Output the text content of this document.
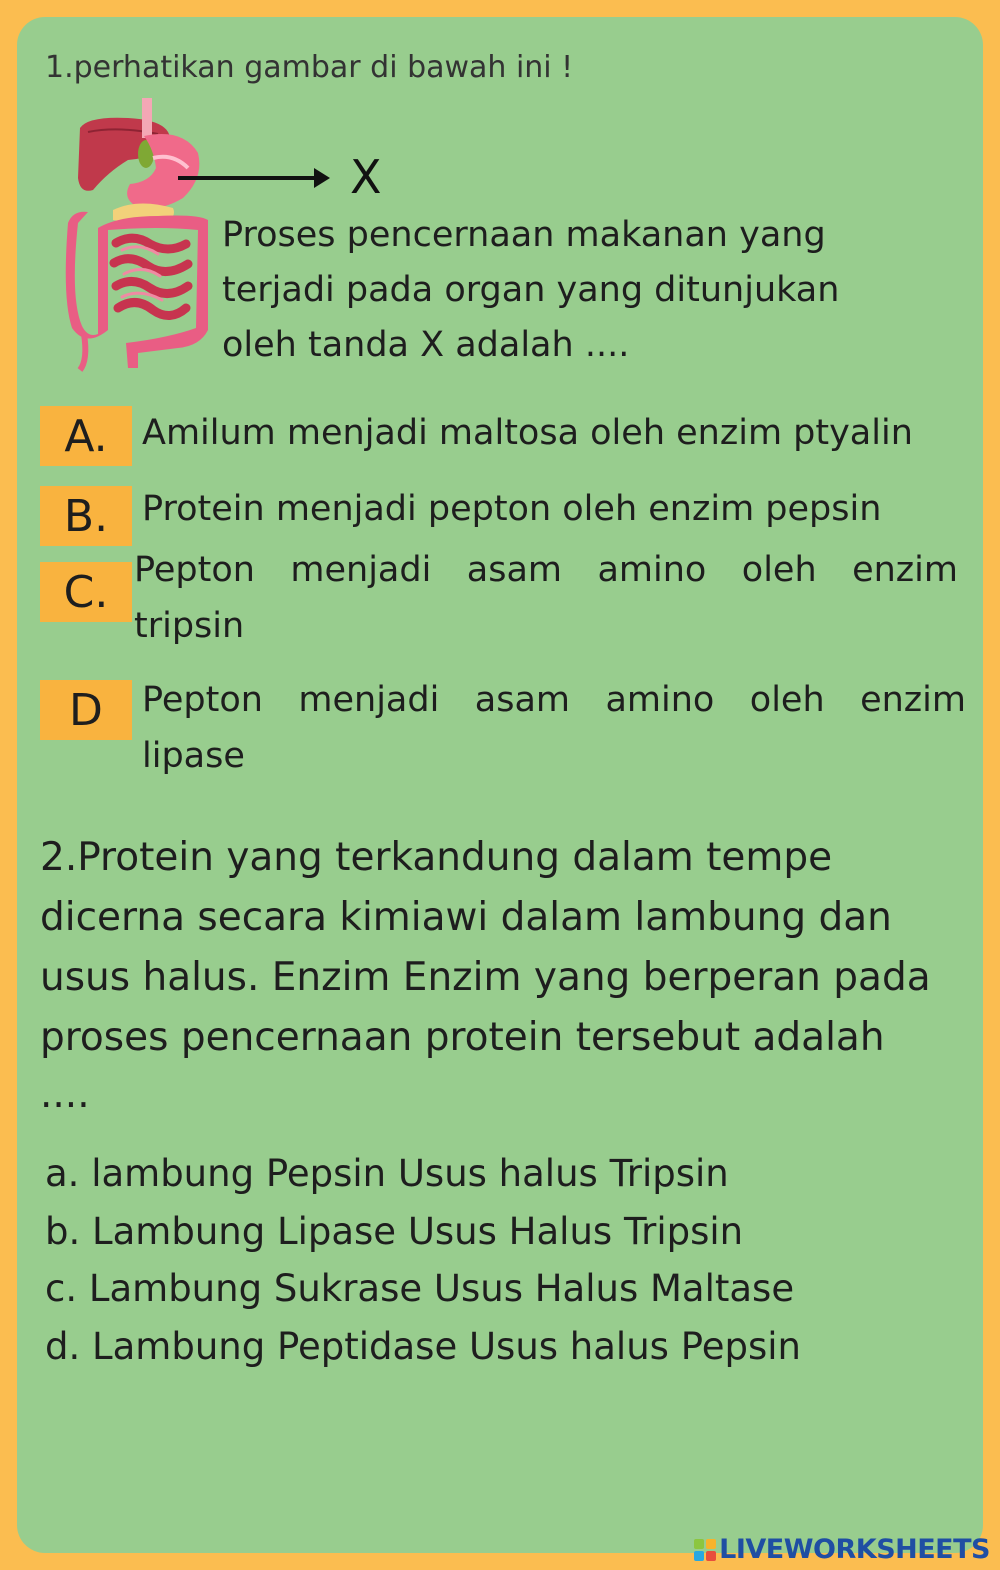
1.perhatikan gambar di bawah ini !
X
Proses pencernaan makanan yang
terjadi pada organ yang ditunjukan
oleh tanda X adalah ....
A. Amilum menjadi maltosa oleh enzim ptyalin
B. Protein menjadi pepton oleh enzim pepsin
C. Pepton menjadi asam amino oleh enzim
tripsin
D Pepton menjadi asam amino oleh enzim
lipase
2.Protein yang terkandung dalam tempe
dicerna secara kimiawi dalam lambung dan
usus halus. Enzim Enzim yang berperan pada
proses pencernaan protein tersebut adalah
....
a. lambung Pepsin Usus halus Tripsin
b. Lambung Lipase Usus Halus Tripsin
c. Lambung Sukrase Usus Halus Maltase
d. Lambung Peptidase Usus halus Pepsin
LIVEWORKSHEETS
